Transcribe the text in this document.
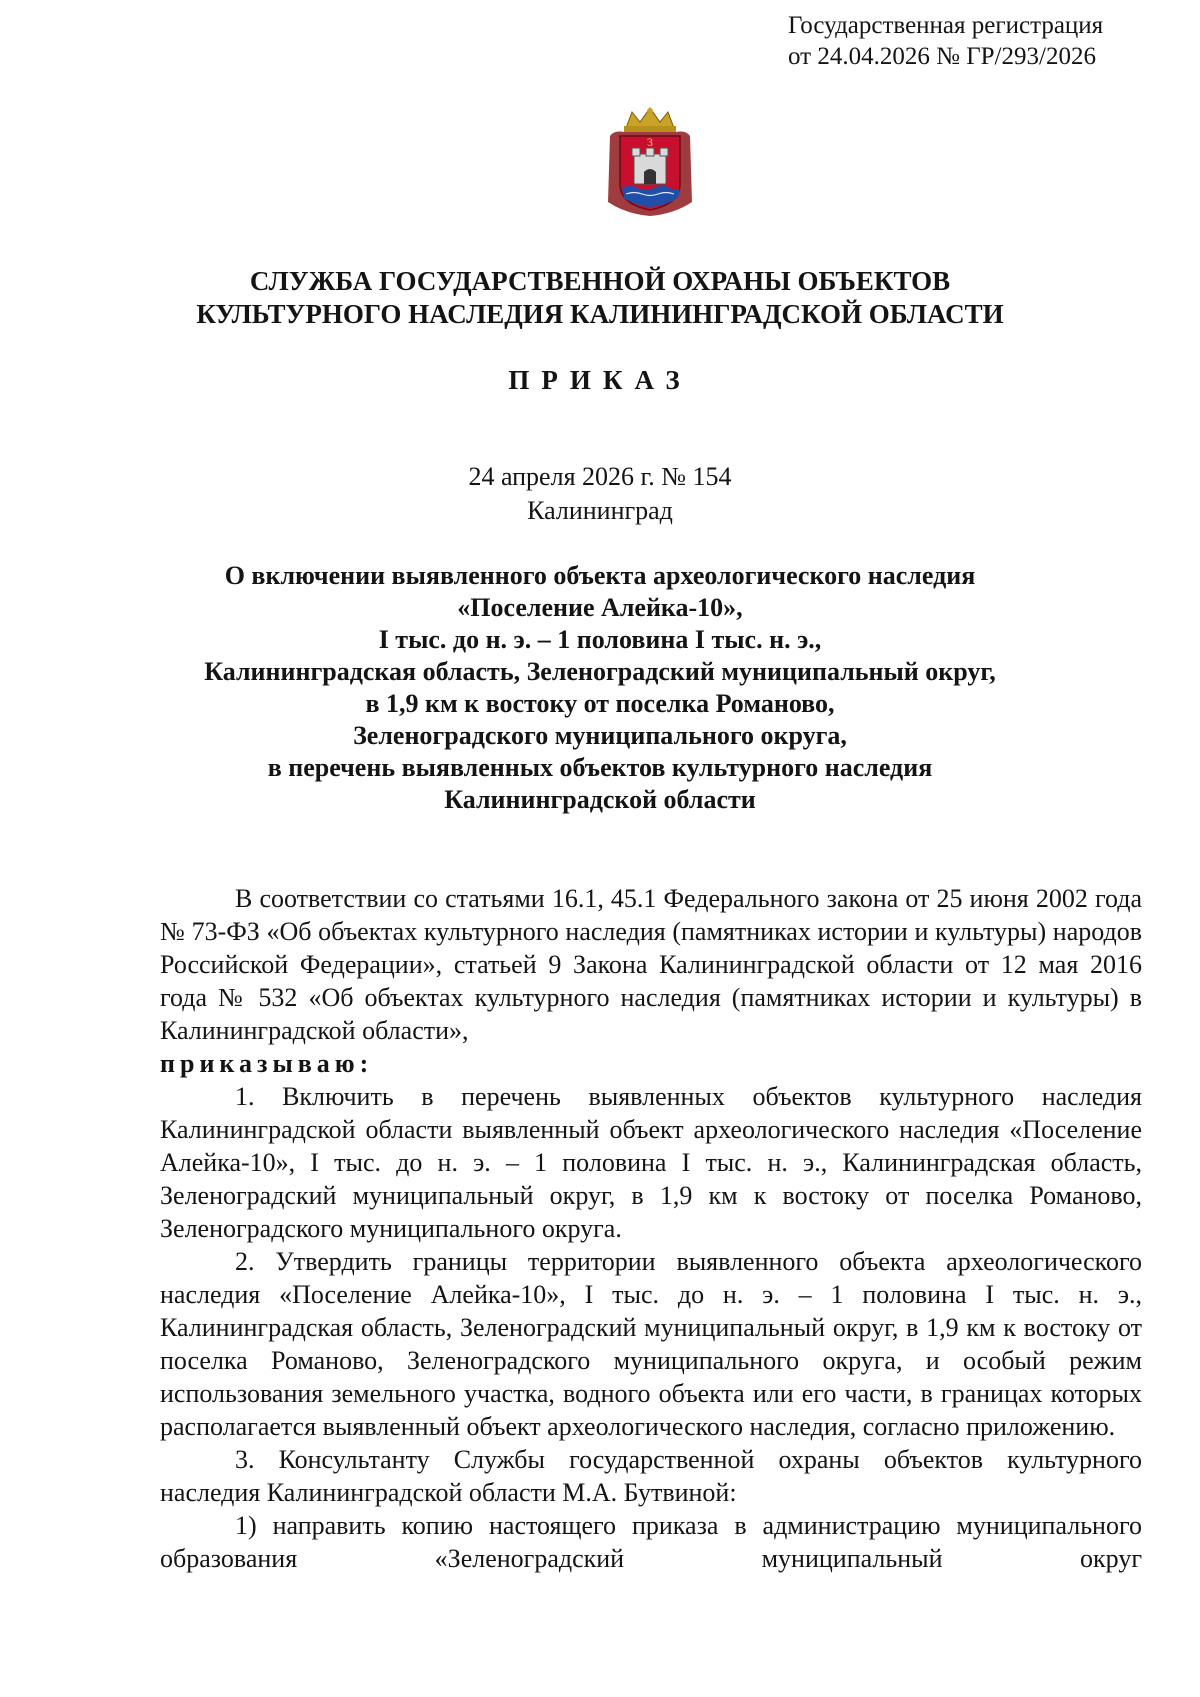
Государственная регистрация
от 24.04.2026 № ГР/293/2026
З
СЛУЖБА ГОСУДАРСТВЕННОЙ ОХРАНЫ ОБЪЕКТОВ
КУЛЬТУРНОГО НАСЛЕДИЯ КАЛИНИНГРАДСКОЙ ОБЛАСТИ
ПРИКАЗ
24 апреля 2026 г. № 154
Калининград
О включении выявленного объекта археологического наследия
«Поселение Алейка-10»,
I тыс. до н. э. – 1 половина I тыс. н. э.,
Калининградская область, Зеленоградский муниципальный округ,
в 1,9 км к востоку от поселка Романово,
Зеленоградского муниципального округа,
в перечень выявленных объектов культурного наследия
Калининградской области

В соответствии со статьями 16.1, 45.1 Федерального закона от 25 июня 2002 года № 73-ФЗ «Об объектах культурного наследия (памятниках истории и культуры) народов Российской Федерации», статьей 9 Закона Калининградской области от 12 мая 2016 года № 532 «Об объектах культурного наследия (памятниках истории и культуры) в Калининградской области»,

приказываю:

1. Включить в перечень выявленных объектов культурного наследия Калининградской области выявленный объект археологического наследия «Поселение Алейка-10», I тыс. до н. э. – 1 половина I тыс. н. э., Калининградская область, Зеленоградский муниципальный округ, в 1,9 км к востоку от поселка Романово, Зеленоградского муниципального округа.

2. Утвердить границы территории выявленного объекта археологического наследия «Поселение Алейка-10», I тыс. до н. э. – 1 половина I тыс. н. э., Калининградская область, Зеленоградский муниципальный округ, в 1,9 км к востоку от поселка Романово, Зеленоградского муниципального округа, и особый режим использования земельного участка, водного объекта или его части, в границах которых располагается выявленный объект археологического наследия, согласно приложению.

3. Консультанту Службы государственной охраны объектов культурного наследия Калининградской области М.А. Бутвиной:

1) направить копию настоящего приказа в администрацию муниципального образования «Зеленоградский муниципальный округ
